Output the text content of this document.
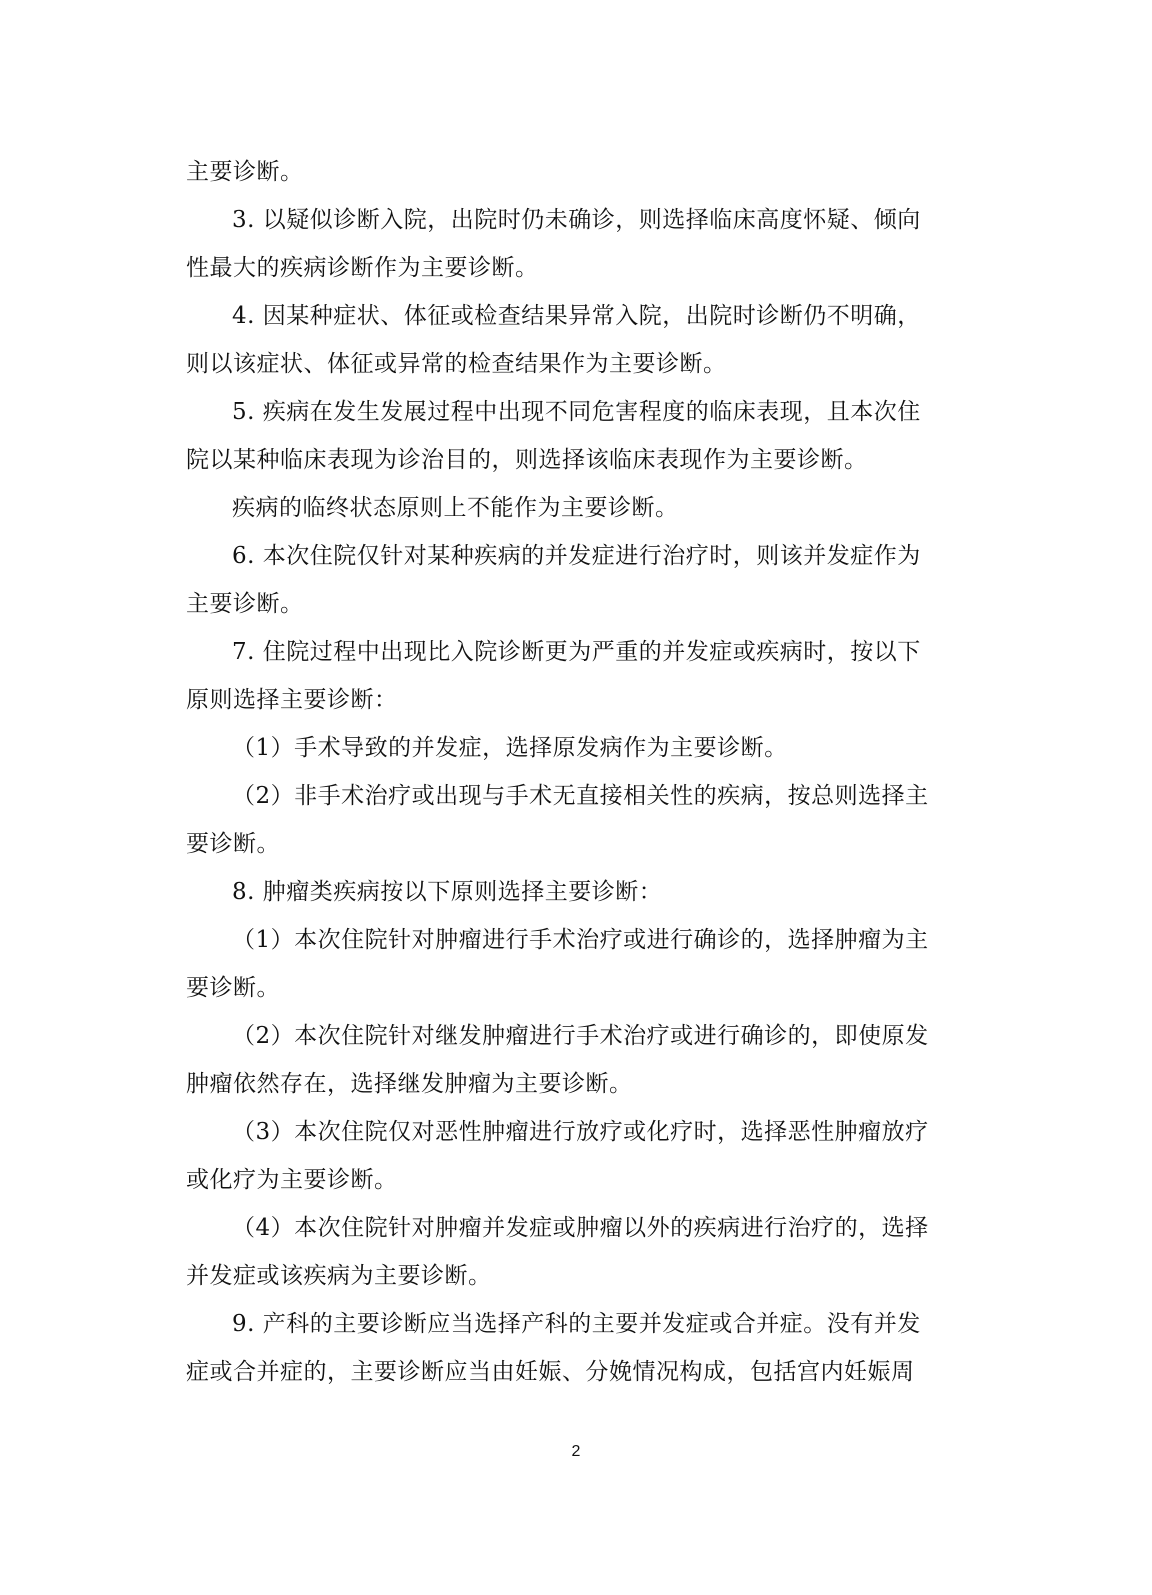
主要诊断。
3. 以疑似诊断入院，出院时仍未确诊，则选择临床高度怀疑、倾向
性最大的疾病诊断作为主要诊断。
4. 因某种症状、体征或检查结果异常入院，出院时诊断仍不明确，
则以该症状、体征或异常的检查结果作为主要诊断。
5. 疾病在发生发展过程中出现不同危害程度的临床表现，且本次住
院以某种临床表现为诊治目的，则选择该临床表现作为主要诊断。
疾病的临终状态原则上不能作为主要诊断。
6. 本次住院仅针对某种疾病的并发症进行治疗时，则该并发症作为
主要诊断。
7. 住院过程中出现比入院诊断更为严重的并发症或疾病时，按以下
原则选择主要诊断：
（1）手术导致的并发症，选择原发病作为主要诊断。
（2）非手术治疗或出现与手术无直接相关性的疾病，按总则选择主
要诊断。
8. 肿瘤类疾病按以下原则选择主要诊断：
（1）本次住院针对肿瘤进行手术治疗或进行确诊的，选择肿瘤为主
要诊断。
（2）本次住院针对继发肿瘤进行手术治疗或进行确诊的，即使原发
肿瘤依然存在，选择继发肿瘤为主要诊断。
（3）本次住院仅对恶性肿瘤进行放疗或化疗时，选择恶性肿瘤放疗
或化疗为主要诊断。
（4）本次住院针对肿瘤并发症或肿瘤以外的疾病进行治疗的，选择
并发症或该疾病为主要诊断。
9. 产科的主要诊断应当选择产科的主要并发症或合并症。没有并发
症或合并症的，主要诊断应当由妊娠、分娩情况构成，包括宫内妊娠周
2
